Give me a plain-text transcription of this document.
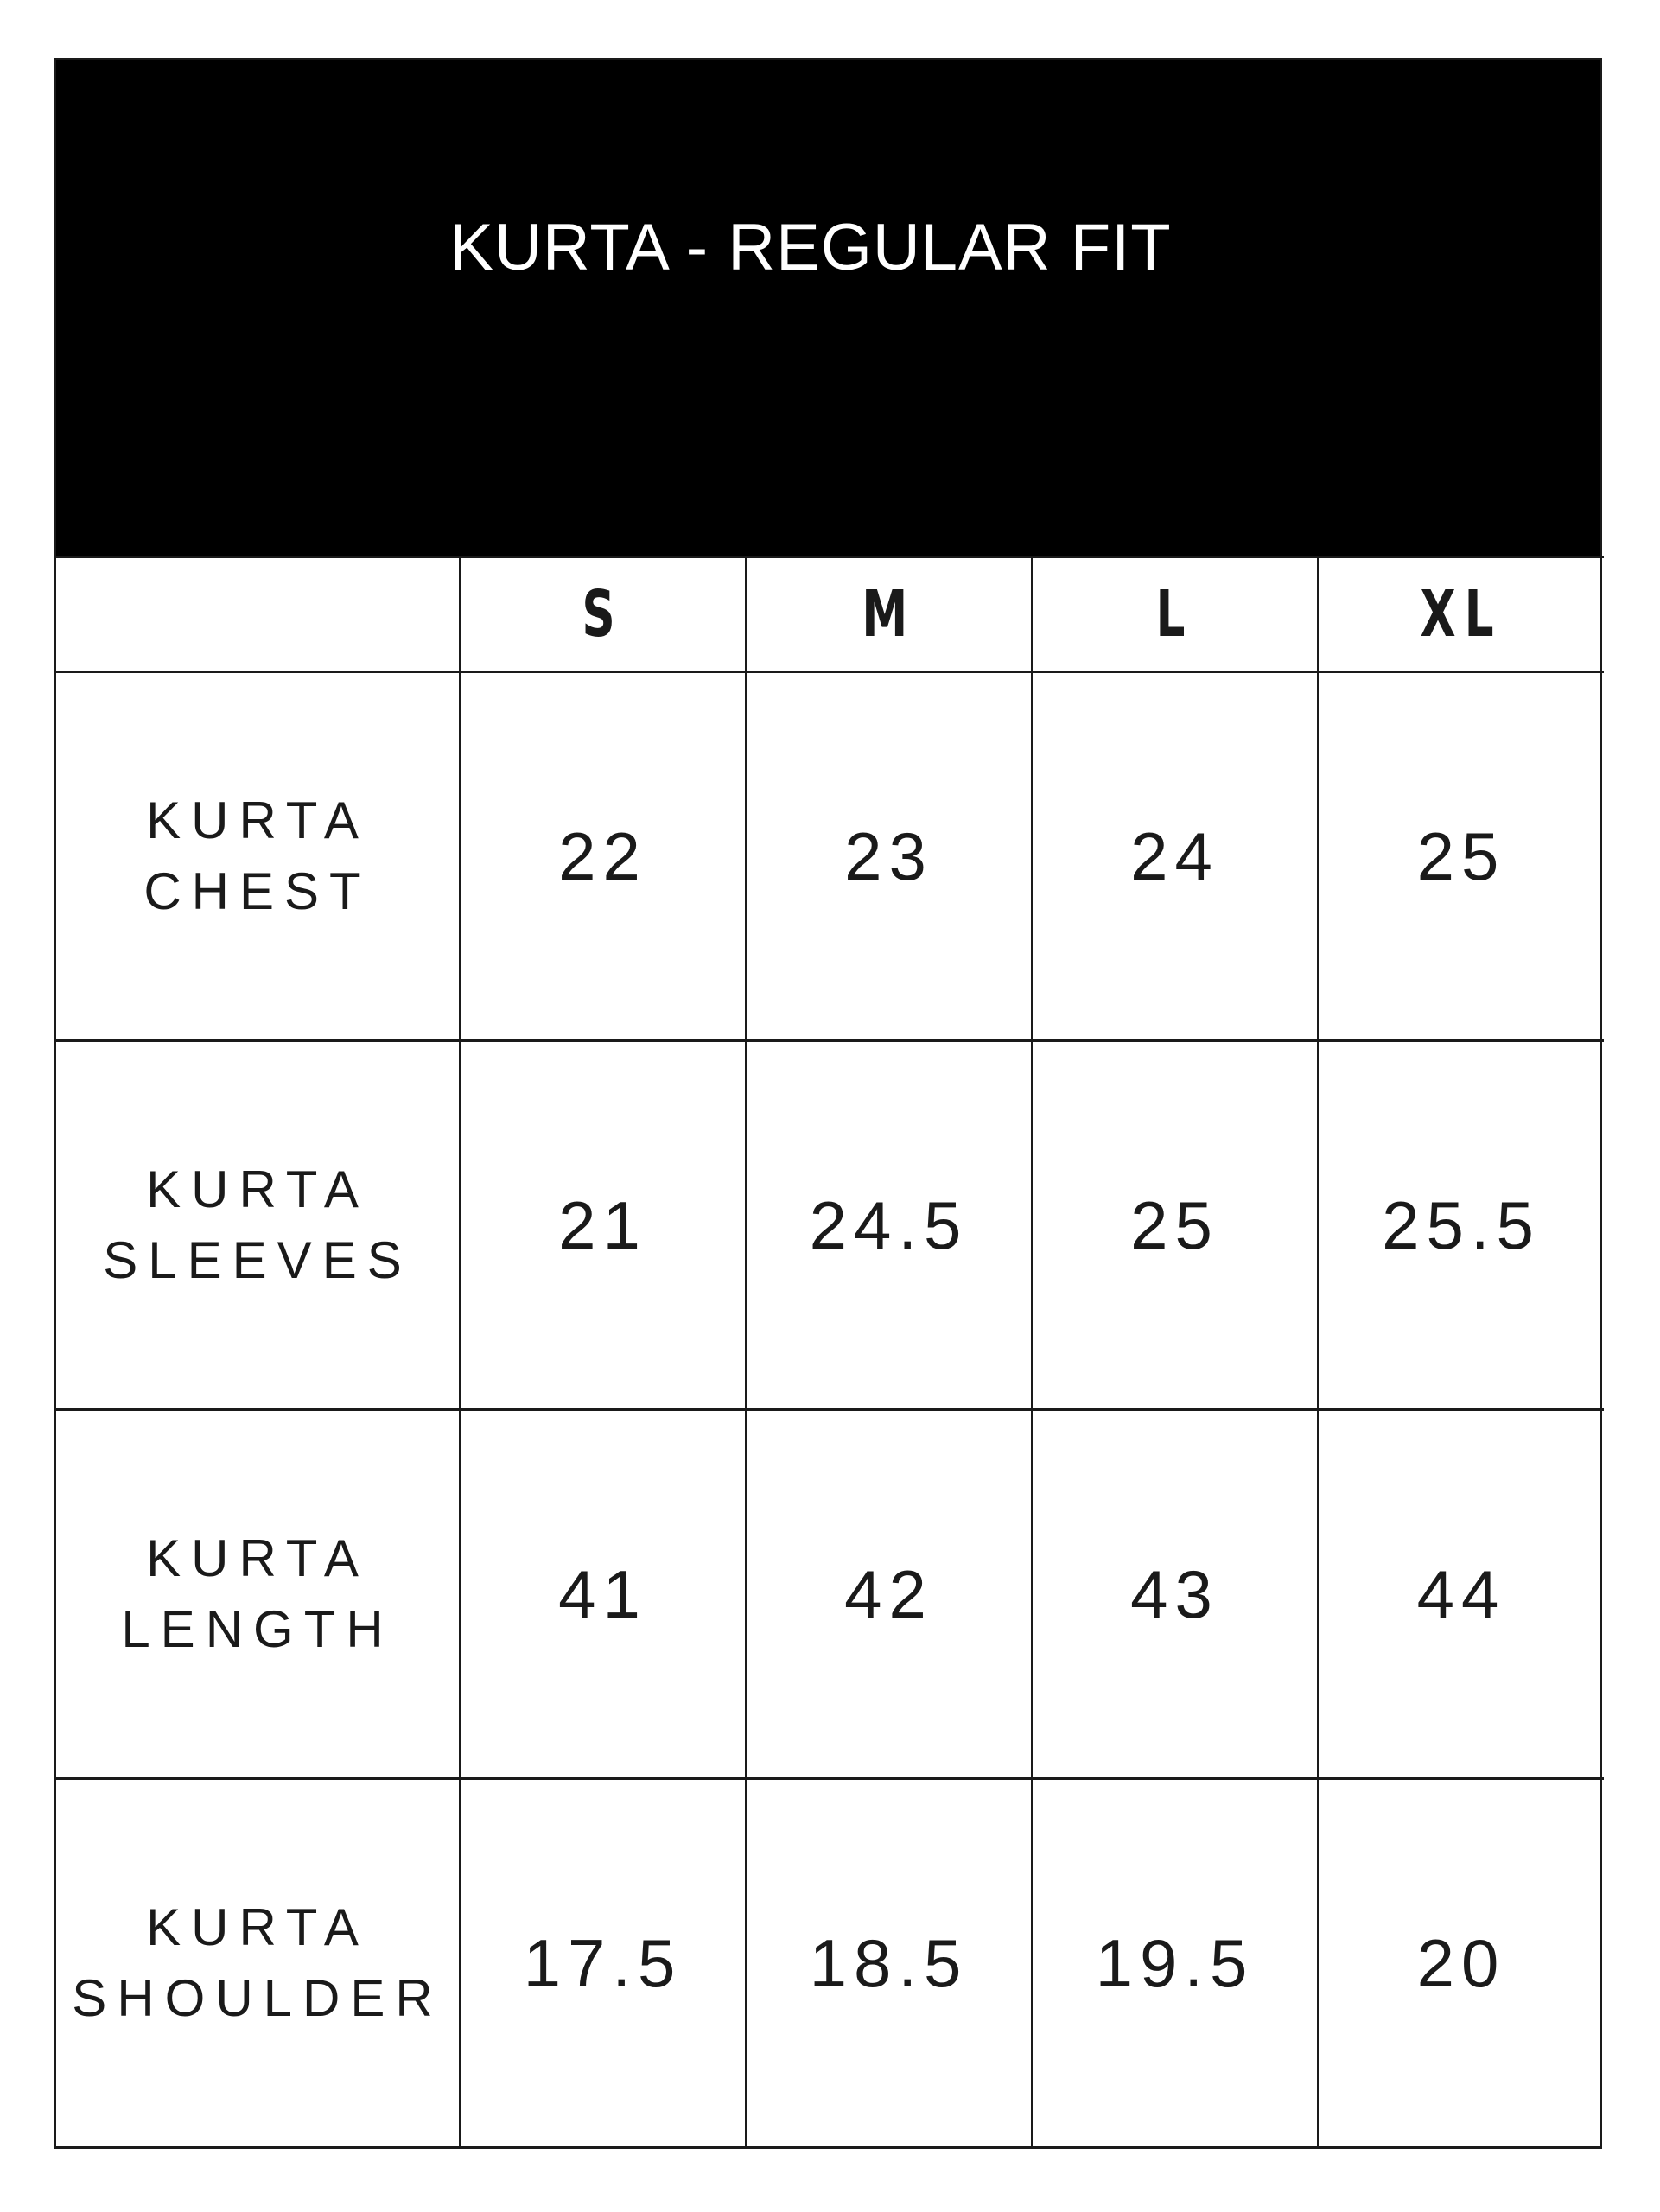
KURTA - REGULAR FIT
	S	M	L	XL

KURTA
CHEST	22	23	24	25

KURTA
SLEEVES	21	24.5	25	25.5

KURTA
LENGTH	41	42	43	44

KURTA
SHOULDER	17.5	18.5	19.5	20
